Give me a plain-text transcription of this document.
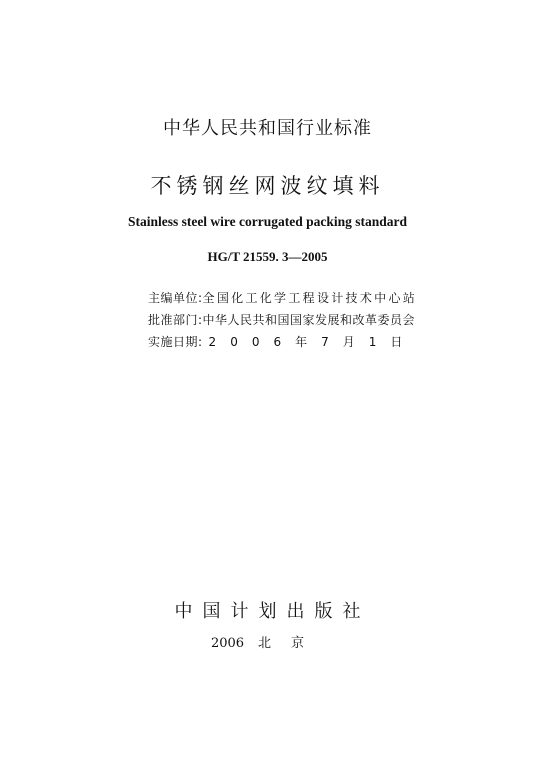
中华人民共和国行业标准
不锈钢丝网波纹填料
Stainless steel wire corrugated packing standard
HG/T 21559. 3—2005
主编单位:全国化工化学工程设计技术中心站
批准部门:中华人民共和国国家发展和改革委员会
实施日期: 2 0 0 6 年 7 月 1 日
中国计划出版社
2006 北京
